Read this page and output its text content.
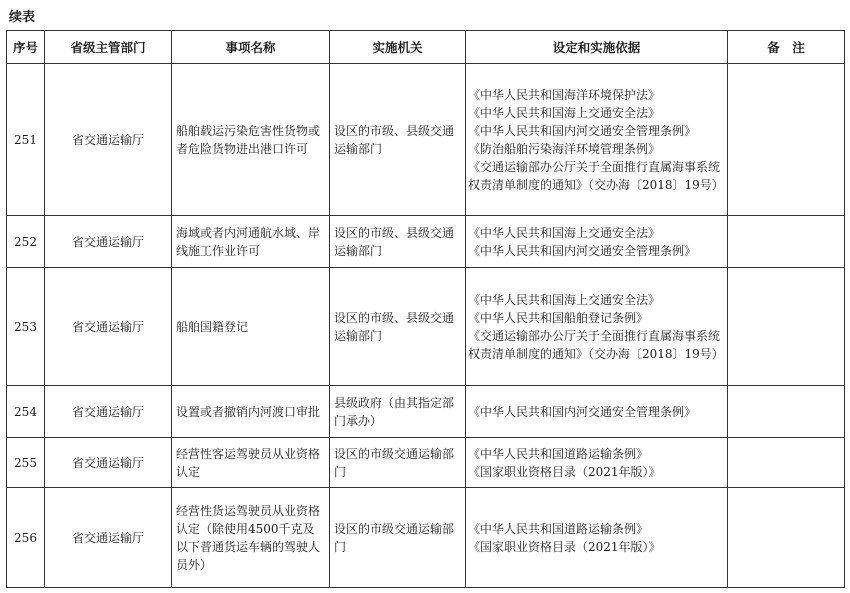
续表
序号	省级主管部门	事项名称	实施机关	设定和实施依据	备　注
251	省交通运输厅	船舶载运污染危害性货物或者危险货物进出港口许可	设区的市级、县级交通运输部门	《中华人民共和国海洋环境保护法》
《中华人民共和国海上交通安全法》
《中华人民共和国内河交通安全管理条例》
《防治船舶污染海洋环境管理条例》
《交通运输部办公厅关于全面推行直属海事系统权责清单制度的通知》（交办海〔2018〕19号）	

252	省交通运输厅	海域或者内河通航水域、岸线施工作业许可	设区的市级、县级交通运输部门	《中华人民共和国海上交通安全法》
《中华人民共和国内河交通安全管理条例》	

253	省交通运输厅	船舶国籍登记	设区的市级、县级交通运输部门	《中华人民共和国海上交通安全法》
《中华人民共和国船舶登记条例》
《交通运输部办公厅关于全面推行直属海事系统权责清单制度的通知》（交办海〔2018〕19号）	

254	省交通运输厅	设置或者撤销内河渡口审批	县级政府（由其指定部门承办）	《中华人民共和国内河交通安全管理条例》	

255	省交通运输厅	经营性客运驾驶员从业资格认定	设区的市级交通运输部门	《中华人民共和国道路运输条例》
《国家职业资格目录（2021年版）》	

256	省交通运输厅	经营性货运驾驶员从业资格认定（除使用4500千克及以下普通货运车辆的驾驶人员外）	设区的市级交通运输部门	《中华人民共和国道路运输条例》
《国家职业资格目录（2021年版）》	
